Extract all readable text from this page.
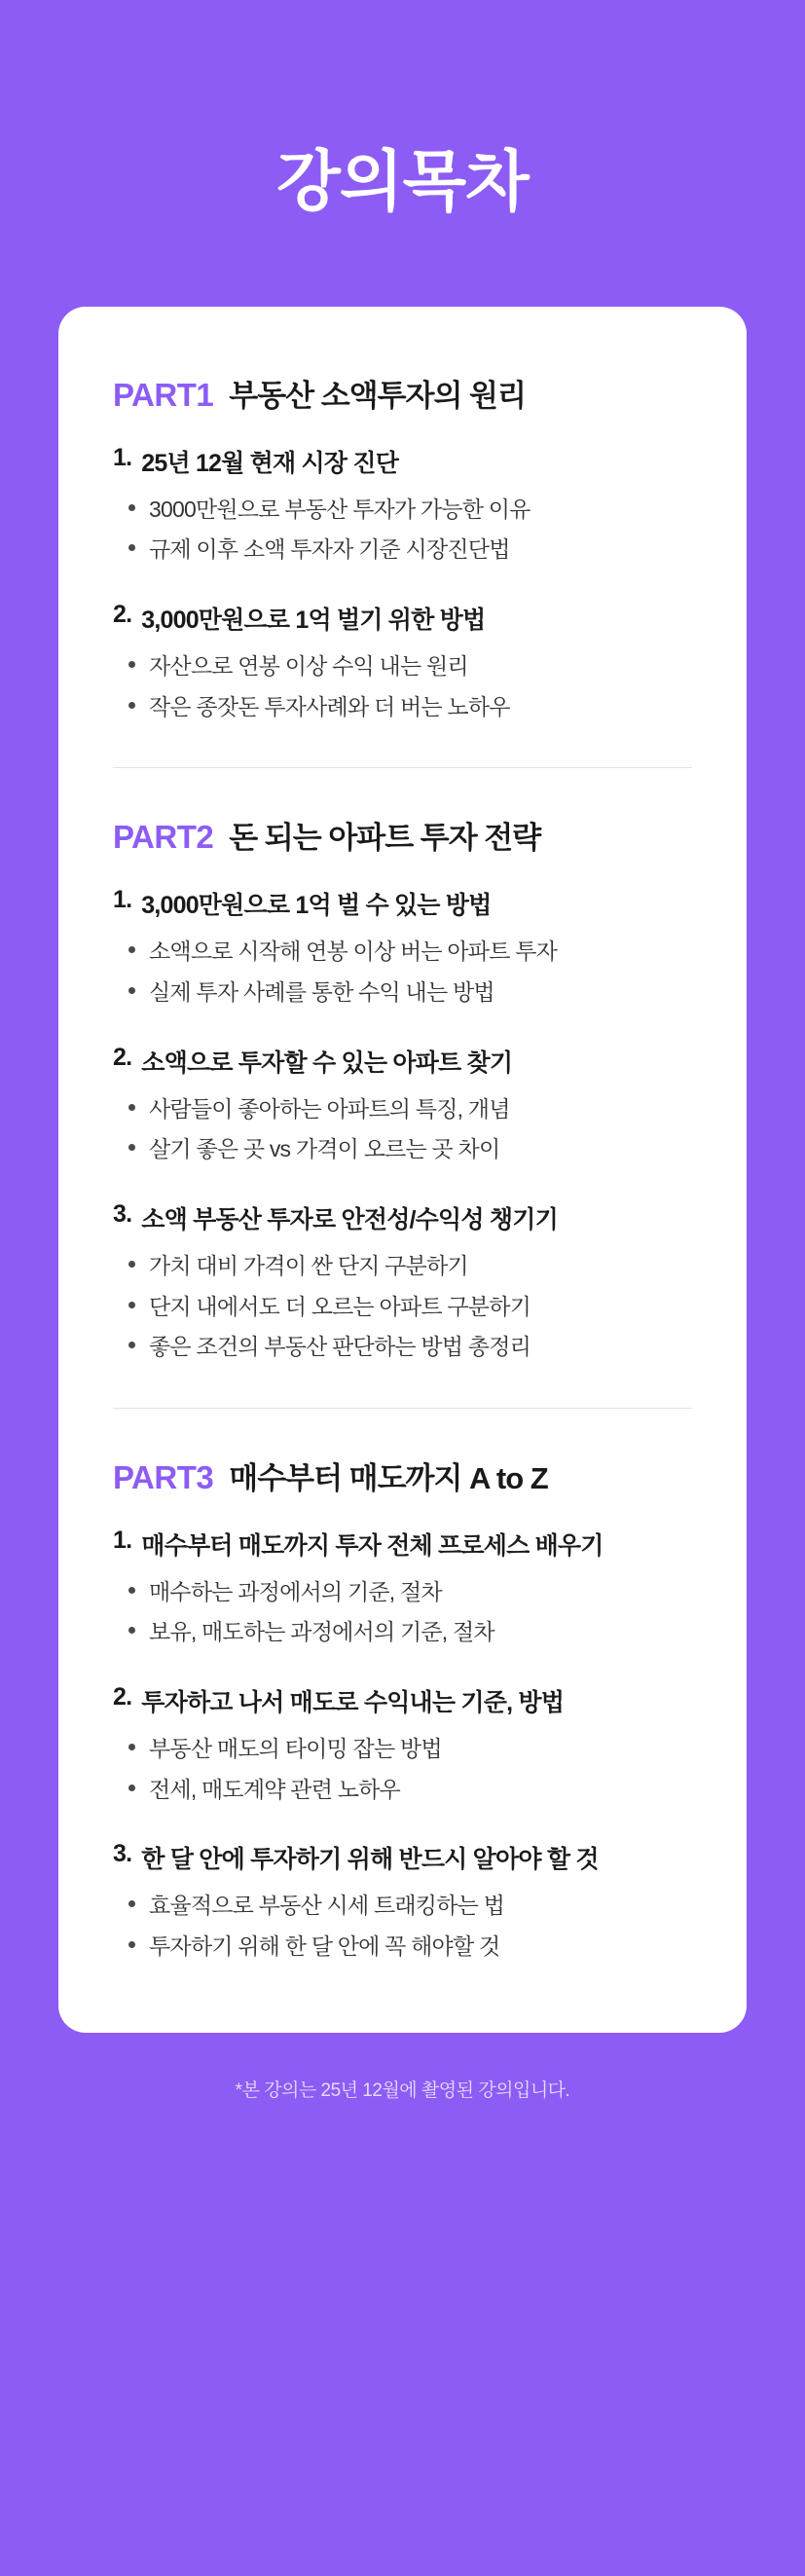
강의목차
PART1 부동산 소액투자의 원리
1. 25년 12월 현재 시장 진단
3000만원으로 부동산 투자가 가능한 이유
규제 이후 소액 투자자 기준 시장진단법
2. 3,000만원으로 1억 벌기 위한 방법
자산으로 연봉 이상 수익 내는 원리
작은 종잣돈 투자사례와 더 버는 노하우
PART2 돈 되는 아파트 투자 전략
1. 3,000만원으로 1억 벌 수 있는 방법
소액으로 시작해 연봉 이상 버는 아파트 투자
실제 투자 사례를 통한 수익 내는 방법
2. 소액으로 투자할 수 있는 아파트 찾기
사람들이 좋아하는 아파트의 특징, 개념
살기 좋은 곳 vs 가격이 오르는 곳 차이
3. 소액 부동산 투자로 안전성/수익성 챙기기
가치 대비 가격이 싼 단지 구분하기
단지 내에서도 더 오르는 아파트 구분하기
좋은 조건의 부동산 판단하는 방법 총정리
PART3 매수부터 매도까지 A to Z
1. 매수부터 매도까지 투자 전체 프로세스 배우기
매수하는 과정에서의 기준, 절차
보유, 매도하는 과정에서의 기준, 절차
2. 투자하고 나서 매도로 수익내는 기준, 방법
부동산 매도의 타이밍 잡는 방법
전세, 매도계약 관련 노하우
3. 한 달 안에 투자하기 위해 반드시 알아야 할 것
효율적으로 부동산 시세 트래킹하는 법
투자하기 위해 한 달 안에 꼭 해야할 것
*본 강의는 25년 12월에 촬영된 강의입니다.
